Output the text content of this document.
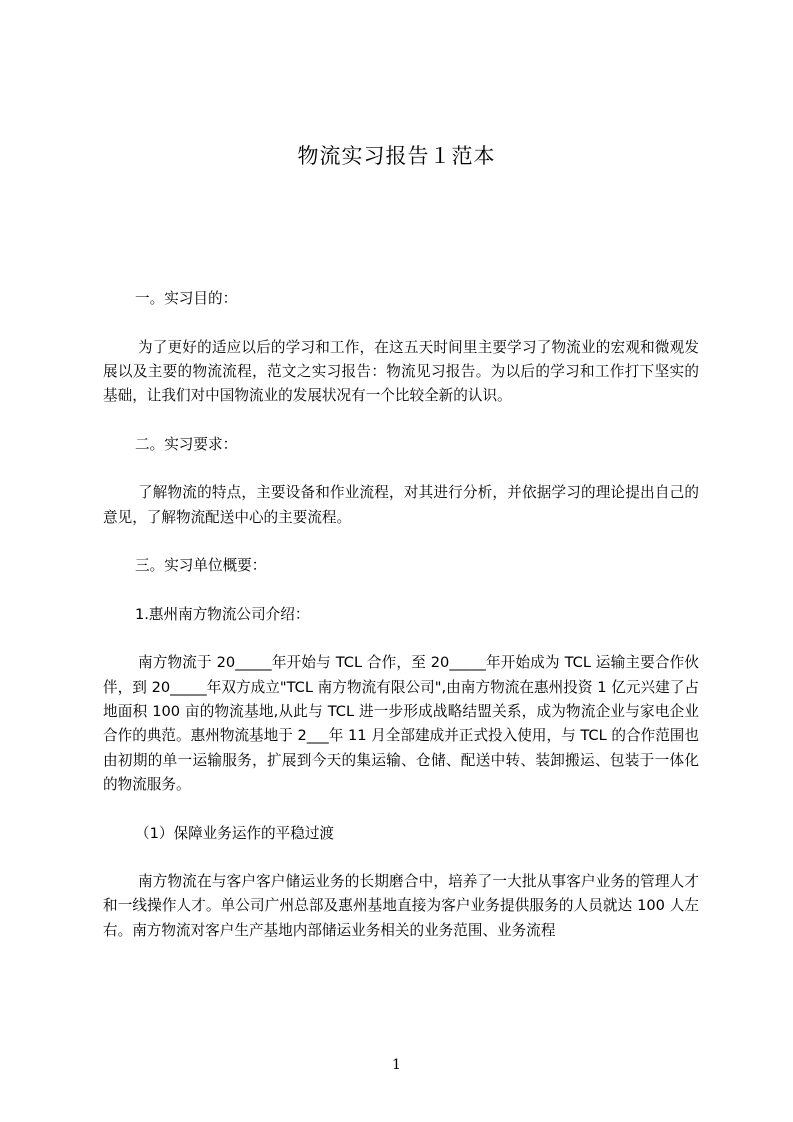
物流实习报告１范本

一。实习目的：

为了更好的适应以后的学习和工作，在这五天时间里主要学习了物流业的宏观和微观发展以及主要的物流流程，范文之实习报告：物流见习报告。为以后的学习和工作打下坚实的基础，让我们对中国物流业的发展状况有一个比较全新的认识。

二。实习要求：

了解物流的特点，主要设备和作业流程，对其进行分析，并依据学习的理论提出自己的意见，了解物流配送中心的主要流程。

三。实习单位概要：

1.惠州南方物流公司介绍：

南方物流于 20_____年开始与 TCL 合作，至 20_____年开始成为 TCL 运输主要合作伙伴，到 20_____年双方成立"TCL 南方物流有限公司",由南方物流在惠州投资 1 亿元兴建了占地面积 100 亩的物流基地,从此与 TCL 进一步形成战略结盟关系，成为物流企业与家电企业合作的典范。惠州物流基地于 2___年 11 月全部建成并正式投入使用，与 TCL 的合作范围也由初期的单一运输服务，扩展到今天的集运输、仓储、配送中转、装卸搬运、包装于一体化的物流服务。

（1）保障业务运作的平稳过渡

南方物流在与客户客户储运业务的长期磨合中，培养了一大批从事客户业务的管理人才和一线操作人才。单公司广州总部及惠州基地直接为客户业务提供服务的人员就达 100 人左右。南方物流对客户生产基地内部储运业务相关的业务范围、业务流程

1
